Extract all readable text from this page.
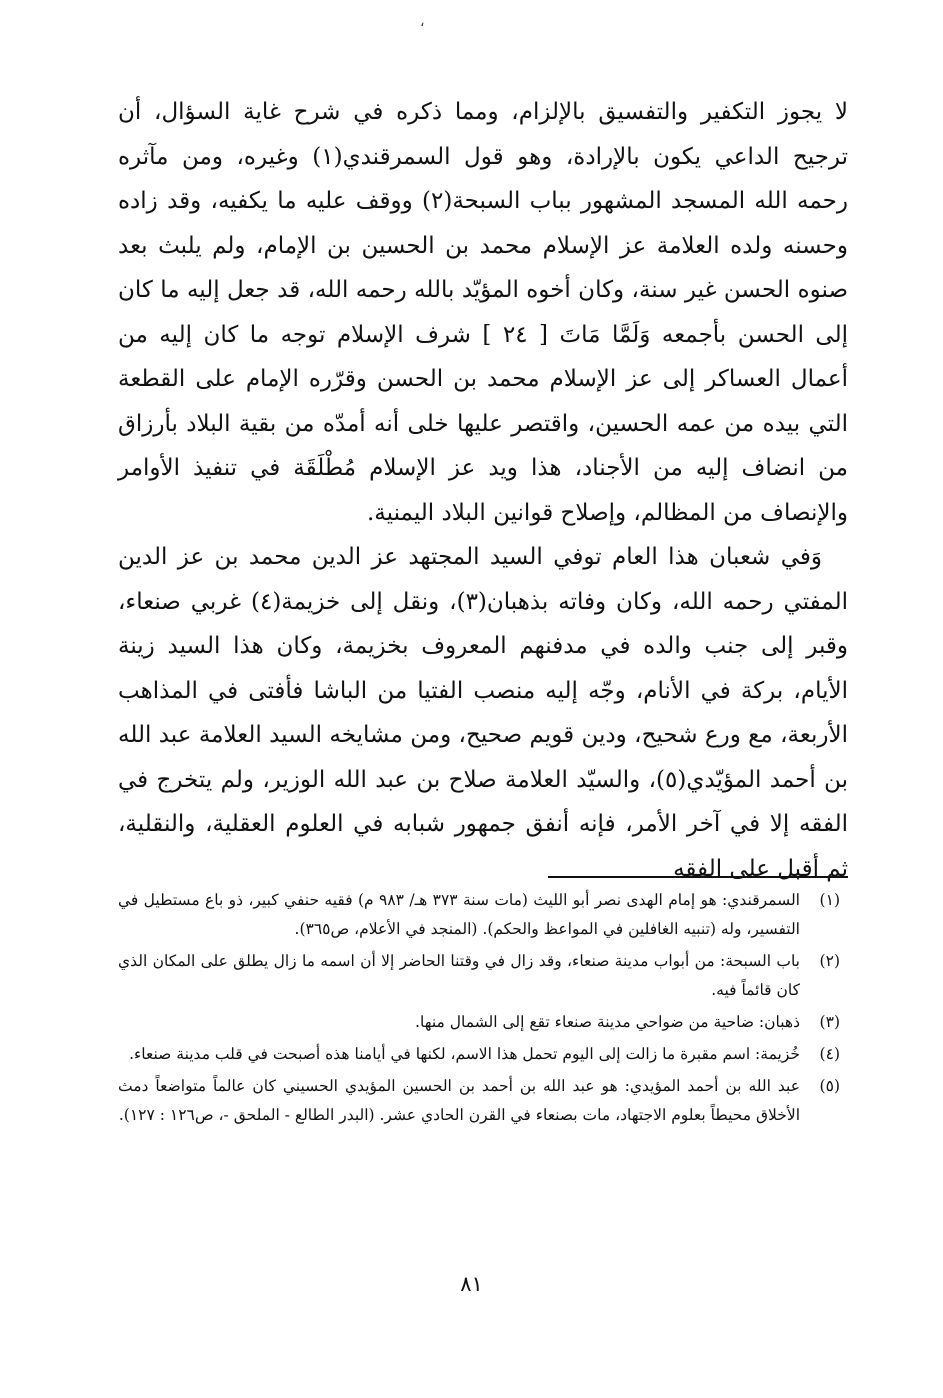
،

لا يجوز التكفير والتفسيق بالإلزام، ومما ذكره في شرح غاية السؤال، أن ترجيح الداعي يكون بالإرادة، وهو قول السمرقندي(١) وغيره، ومن مآثره رحمه الله المسجد المشهور بباب السبحة(٢) ووقف عليه ما يكفيه، وقد زاده وحسنه ولده العلامة عز الإسلام محمد بن الحسين بن الإمام، ولم يلبث بعد صنوه الحسن غير سنة، وكان أخوه المؤيّد بالله رحمه الله، قد جعل إليه ما كان إلى الحسن بأجمعه وَلَمَّا مَاتَ [ ٢٤ ] شرف الإسلام توجه ما كان إليه من أعمال العساكر إلى عز الإسلام محمد بن الحسن وقرّره الإمام على القطعة التي بيده من عمه الحسين، واقتصر عليها خلى أنه أمدّه من بقية البلاد بأرزاق من انضاف إليه من الأجناد، هذا ويد عز الإسلام مُطْلَقَة في تنفيذ الأوامر والإنصاف من المظالم، وإصلاح قوانين البلاد اليمنية.

وَفي شعبان هذا العام توفي السيد المجتهد عز الدين محمد بن عز الدين المفتي رحمه الله، وكان وفاته بذهبان(٣)، ونقل إلى خزيمة(٤) غربي صنعاء، وقبر إلى جنب والده في مدفنهم المعروف بخزيمة، وكان هذا السيد زينة الأيام، بركة في الأنام، وجّه إليه منصب الفتيا من الباشا فأفتى في المذاهب الأربعة، مع ورع شحيح، ودين قويم صحيح، ومن مشايخه السيد العلامة عبد الله بن أحمد المؤيّدي(٥)، والسيّد العلامة صلاح بن عبد الله الوزير، ولم يتخرج في الفقه إلا في آخر الأمر، فإنه أنفق جمهور شبابه في العلوم العقلية، والنقلية، ثم أقبل على الفقه

(١)
السمرقندي: هو إمام الهدى نصر أبو الليث (مات سنة ٣٧٣ هـ/ ٩٨٣ م) فقيه حنفي كبير، ذو باع مستطيل في التفسير، وله (تنبيه الغافلين في المواعظ والحكم). (المنجد في الأعلام، ص٣٦٥).
(٢)
باب السبحة: من أبواب مدينة صنعاء، وقد زال في وقتنا الحاضر إلا أن اسمه ما زال يطلق على المكان الذي كان قائماً فيه.
(٣)
ذهبان: ضاحية من ضواحي مدينة صنعاء تقع إلى الشمال منها.
(٤)
خُزيمة: اسم مقبرة ما زالت إلى اليوم تحمل هذا الاسم، لكنها في أيامنا هذه أصبحت في قلب مدينة صنعاء.
(٥)
عبد الله بن أحمد المؤيدي: هو عبد الله بن أحمد بن الحسين المؤيدي الحسيني كان عالماً متواضعاً دمث الأخلاق محيطاً بعلوم الاجتهاد، مات بصنعاء في القرن الحادي عشر. (البدر الطالع - الملحق -، ص١٢٦ : ١٢٧).
٨١
